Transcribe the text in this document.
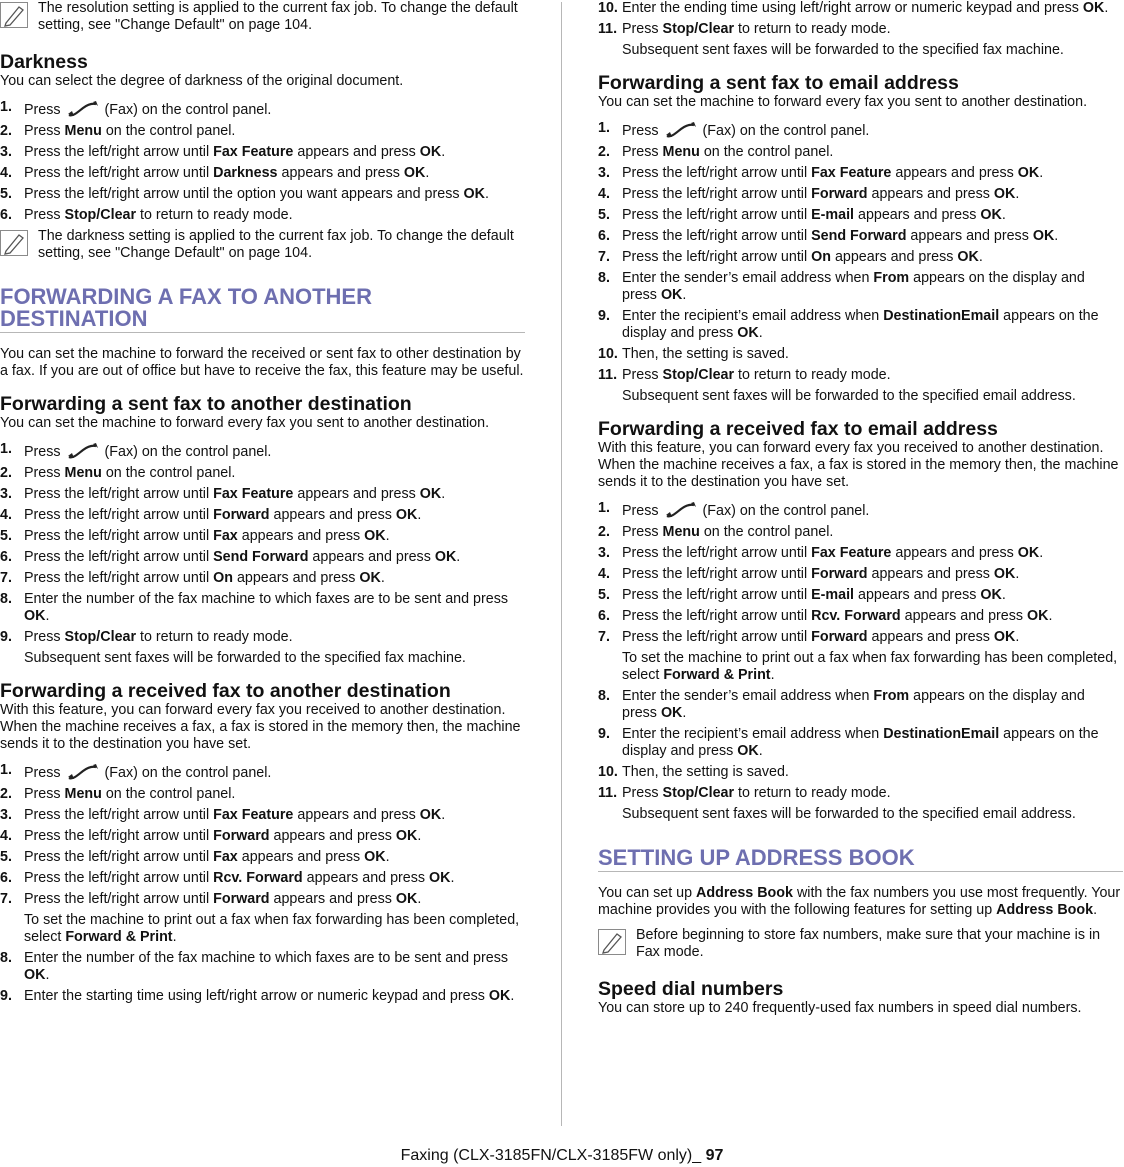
The resolution setting is applied to the current fax job. To change the default setting, see "Change Default" on page 104.
Darkness

You can select the degree of darkness of the original document.

1. Press	(Fax) on the control panel.
2. Press Menu on the control panel.
3. Press the left/right arrow until Fax Feature appears and press OK.
4. Press the left/right arrow until Darkness appears and press OK.
5. Press the left/right arrow until the option you want appears and press OK.
6. Press Stop/Clear to return to ready mode.
The darkness setting is applied to the current fax job. To change the default setting, see "Change Default" on page 104.
FORWARDING A FAX TO ANOTHER DESTINATION

You can set the machine to forward the received or sent fax to other destination by a fax. If you are out of office but have to receive the fax, this feature may be useful.

Forwarding a sent fax to another destination

You can set the machine to forward every fax you sent to another destination.

1. Press	(Fax) on the control panel.
2. Press Menu on the control panel.
3. Press the left/right arrow until Fax Feature appears and press OK.
4. Press the left/right arrow until Forward appears and press OK.
5. Press the left/right arrow until Fax appears and press OK.
6. Press the left/right arrow until Send Forward appears and press OK.
7. Press the left/right arrow until On appears and press OK.
8. Enter the number of the fax machine to which faxes are to be sent and press OK.
9. Press Stop/Clear to return to ready mode.
Subsequent sent faxes will be forwarded to the specified fax machine.
Forwarding a received fax to another destination

With this feature, you can forward every fax you received to another destination. When the machine receives a fax, a fax is stored in the memory then, the machine sends it to the destination you have set.

1. Press	(Fax) on the control panel.
2. Press Menu on the control panel.
3. Press the left/right arrow until Fax Feature appears and press OK.
4. Press the left/right arrow until Forward appears and press OK.
5. Press the left/right arrow until Fax appears and press OK.
6. Press the left/right arrow until Rcv. Forward appears and press OK.
7. Press the left/right arrow until Forward appears and press OK.
To set the machine to print out a fax when fax forwarding has been completed, select Forward & Print.
8. Enter the number of the fax machine to which faxes are to be sent and press OK.
9. Enter the starting time using left/right arrow or numeric keypad and press OK.
10. Enter the ending time using left/right arrow or numeric keypad and press OK.
11. Press Stop/Clear to return to ready mode.
Subsequent sent faxes will be forwarded to the specified fax machine.
Forwarding a sent fax to email address

You can set the machine to forward every fax you sent to another destination.

1. Press	(Fax) on the control panel.
2. Press Menu on the control panel.
3. Press the left/right arrow until Fax Feature appears and press OK.
4. Press the left/right arrow until Forward appears and press OK.
5. Press the left/right arrow until E-mail appears and press OK.
6. Press the left/right arrow until Send Forward appears and press OK.
7. Press the left/right arrow until On appears and press OK.
8. Enter the sender’s email address when From appears on the display and press OK.
9. Enter the recipient’s email address when DestinationEmail appears on the display and press OK.
10. Then, the setting is saved.
11. Press Stop/Clear to return to ready mode.
Subsequent sent faxes will be forwarded to the specified email address.
Forwarding a received fax to email address

With this feature, you can forward every fax you received to another destination. When the machine receives a fax, a fax is stored in the memory then, the machine sends it to the destination you have set.

1. Press	(Fax) on the control panel.
2. Press Menu on the control panel.
3. Press the left/right arrow until Fax Feature appears and press OK.
4. Press the left/right arrow until Forward appears and press OK.
5. Press the left/right arrow until E-mail appears and press OK.
6. Press the left/right arrow until Rcv. Forward appears and press OK.
7. Press the left/right arrow until Forward appears and press OK.
To set the machine to print out a fax when fax forwarding has been completed, select Forward & Print.
8. Enter the sender’s email address when From appears on the display and press OK.
9. Enter the recipient’s email address when DestinationEmail appears on the display and press OK.
10. Then, the setting is saved.
11. Press Stop/Clear to return to ready mode.
Subsequent sent faxes will be forwarded to the specified email address.
SETTING UP ADDRESS BOOK

You can set up Address Book with the fax numbers you use most frequently. Your machine provides you with the following features for setting up Address Book.

Before beginning to store fax numbers, make sure that your machine is in Fax mode.
Speed dial numbers

You can store up to 240 frequently-used fax numbers in speed dial numbers.

Faxing (CLX-3185FN/CLX-3185FW only)_ 97
